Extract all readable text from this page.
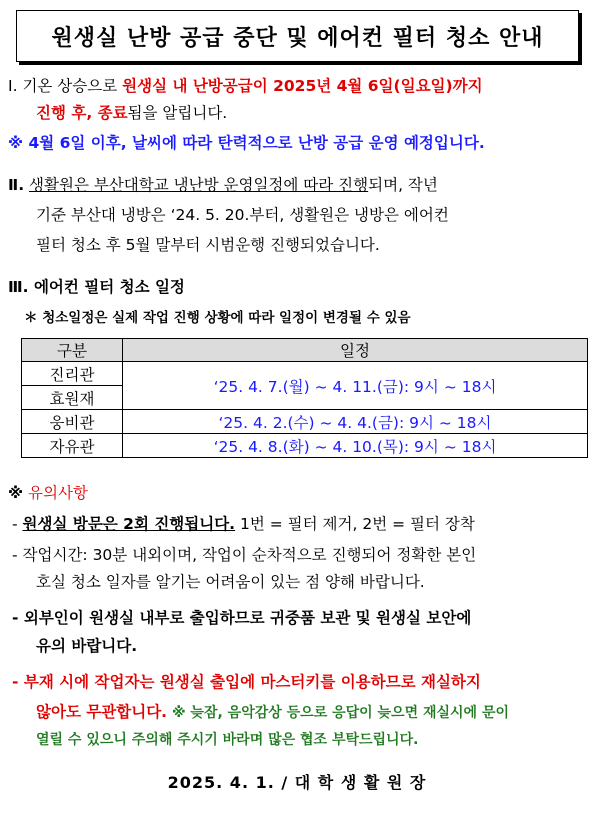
원생실 난방 공급 중단 및 에어컨 필터 청소 안내
Ⅰ. 기온 상승으로 원생실 내 난방공급이 2025년 4월 6일(일요일)까지
진행 후, 종료됨을 알립니다.
※ 4월 6일 이후, 날씨에 따라 탄력적으로 난방 공급 운영 예정입니다.
Ⅱ. 생활원은 부산대학교 냉난방 운영일정에 따라 진행되며, 작년
기준 부산대 냉방은 ‘24. 5. 20.부터, 생활원은 냉방은 에어컨
필터 청소 후 5월 말부터 시범운행 진행되었습니다.
Ⅲ. 에어컨 필터 청소 일정
＊ 청소일정은 실제 작업 진행 상황에 따라 일정이 변경될 수 있음
구분	일정
진리관	‘25. 4. 7.(월) ~ 4. 11.(금): 9시 ~ 18시
효원재	
웅비관	‘25. 4. 2.(수) ~ 4. 4.(금): 9시 ~ 18시
자유관	‘25. 4. 8.(화) ~ 4. 10.(목): 9시 ~ 18시
※ 유의사항
- 원생실 방문은 2회 진행됩니다. 1번 = 필터 제거, 2번 = 필터 장착
- 작업시간: 30분 내외이며, 작업이 순차적으로 진행되어 정확한 본인
호실 청소 일자를 알기는 어려움이 있는 점 양해 바랍니다.
- 외부인이 원생실 내부로 출입하므로 귀중품 보관 및 원생실 보안에
유의 바랍니다.
- 부재 시에 작업자는 원생실 출입에 마스터키를 이용하므로 재실하지
않아도 무관합니다. ※ 늦잠, 음악감상 등으로 응답이 늦으면 재실시에 문이
열릴 수 있으니 주의해 주시기 바라며 많은 협조 부탁드립니다.
2025. 4. 1. / 대 학 생 활 원 장
